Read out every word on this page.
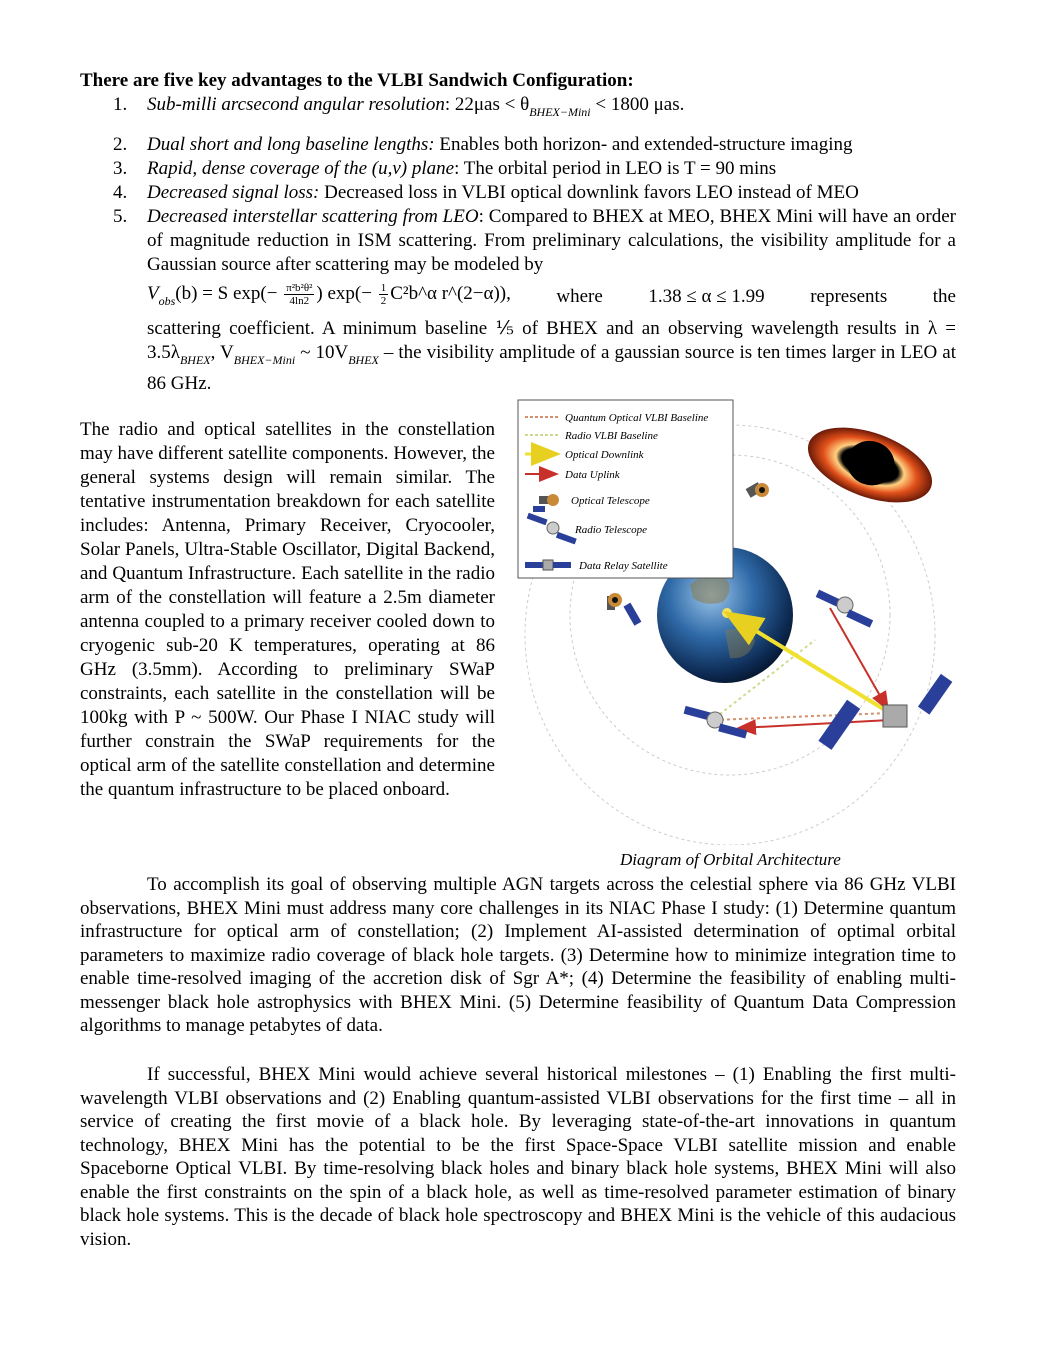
There are five key advantages to the VLBI Sandwich Configuration:
1. Sub-milli arcsecond angular resolution: $22\mu as < \theta_{BHEX-Mini} < 1800$ μas.
2. Dual short and long baseline lengths: Enables both horizon- and extended-structure imaging
3. Rapid, dense coverage of the (u,v) plane: The orbital period in LEO is T = 90 mins
4. Decreased signal loss: Decreased loss in VLBI optical downlink favors LEO instead of MEO
5. Decreased interstellar scattering from LEO: Compared to BHEX at MEO, BHEX Mini will have an order of magnitude reduction in ISM scattering. From preliminary calculations, the visibility amplitude for a Gaussian source after scattering may be modeled by
$V_{obs}(b) = S$ $\exp(- \frac{\text{π²b²θ²}}{4\ln 2}$ ) $\exp(- \frac{1}{2}$ C²b^α r^(2−α)), where 1.38 ≤ α ≤ 1.99 represents the
scattering coefficient. A minimum baseline ⅕ of BHEX and an observing wavelength results in $\lambda = 3.5\lambda_{BHEX}$, $V_{BHEX-Mini}$ ~ $10V_{BHEX}$ – the visibility amplitude of a gaussian source is ten times larger in LEO at 86 GHz.

The radio and optical satellites in the constellation may have different satellite components. However, the general systems design will remain similar. The tentative instrumentation breakdown for each satellite includes: Antenna, Primary Receiver, Cryocooler, Solar Panels, Ultra-Stable Oscillator, Digital Backend, and Quantum Infrastructure. Each satellite in the radio arm of the constellation will feature a 2.5m diameter antenna coupled to a primary receiver cooled down to cryogenic sub-20 K temperatures, operating at 86 GHz (3.5mm). According to preliminary SWaP constraints, each satellite in the constellation will be 100kg with P ~ 500W. Our Phase I NIAC study will further constrain the SWaP requirements for the optical arm of the satellite constellation and determine the quantum infrastructure to be placed onboard.

Quantum Optical VLBI Baseline
Radio VLBI Baseline
Optical Downlink
Data Uplink
Optical Telescope
Radio Telescope
Data Relay Satellite
Diagram of Orbital Architecture

To accomplish its goal of observing multiple AGN targets across the celestial sphere via 86 GHz VLBI observations, BHEX Mini must address many core challenges in its NIAC Phase I study: (1) Determine quantum infrastructure for optical arm of constellation; (2) Implement AI-assisted determination of optimal orbital parameters to maximize radio coverage of black hole targets. (3) Determine how to minimize integration time to enable time-resolved imaging of the accretion disk of Sgr A*; (4) Determine the feasibility of enabling multi-messenger black hole astrophysics with BHEX Mini. (5) Determine feasibility of Quantum Data Compression algorithms to manage petabytes of data.

If successful, BHEX Mini would achieve several historical milestones – (1) Enabling the first multi-wavelength VLBI observations and (2) Enabling quantum-assisted VLBI observations for the first time – all in service of creating the first movie of a black hole. By leveraging state-of-the-art innovations in quantum technology, BHEX Mini has the potential to be the first Space-Space VLBI satellite mission and enable Spaceborne Optical VLBI. By time-resolving black holes and binary black hole systems, BHEX Mini will also enable the first constraints on the spin of a black hole, as well as time-resolved parameter estimation of binary black hole systems. This is the decade of black hole spectroscopy and BHEX Mini is the vehicle of this audacious vision.
